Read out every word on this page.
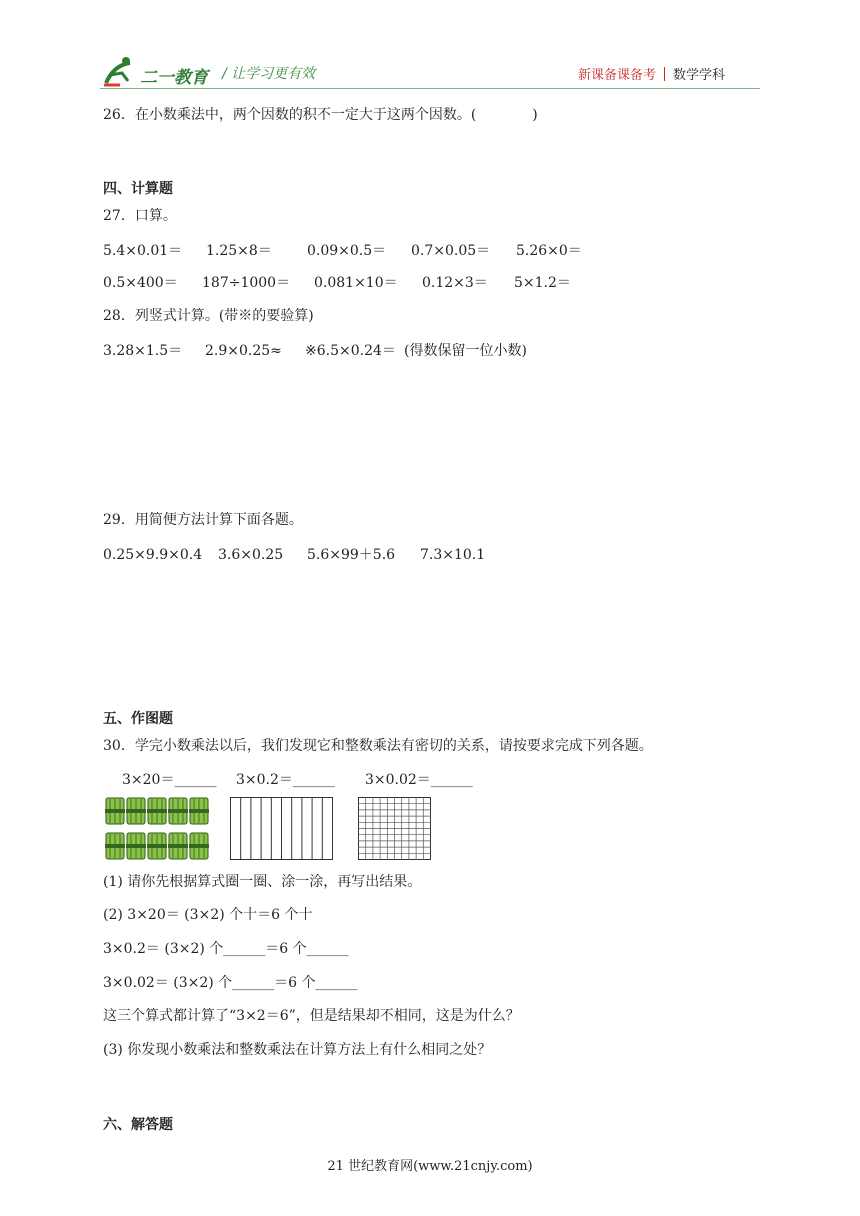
二一教育 / 让学习更有效	新课备课备考 数学学科
26．在小数乘法中，两个因数的积不一定大于这两个因数。(　　　　)
四、计算题
27．口算。
5.4×0.01＝ 1.25×8＝	0.09×0.5＝ 0.7×0.05＝ 5.26×0＝
0.5×400＝ 187÷1000＝ 0.081×10＝ 0.12×3＝ 5×1.2＝
28．列竖式计算。(带※的要验算)
3.28×1.5＝ 2.9×0.25≈ ※6.5×0.24＝ (得数保留一位小数)
29．用简便方法计算下面各题。
0.25×9.9×0.4 3.6×0.25 5.6×99＋5.6 7.3×10.1
五、作图题
30．学完小数乘法以后，我们发现它和整数乘法有密切的关系，请按要求完成下列各题。
3×20＝______ 3×0.2＝______ 3×0.02＝______
(1) 请你先根据算式圈一圈、涂一涂，再写出结果。
(2) 3×20＝ (3×2) 个十＝6 个十
3×0.2＝ (3×2) 个______＝6 个______
3×0.02＝ (3×2) 个______＝6 个______
这三个算式都计算了“3×2＝6”，但是结果却不相同，这是为什么？
(3) 你发现小数乘法和整数乘法在计算方法上有什么相同之处？
六、解答题
21 世纪教育网(www.21cnjy.com)
